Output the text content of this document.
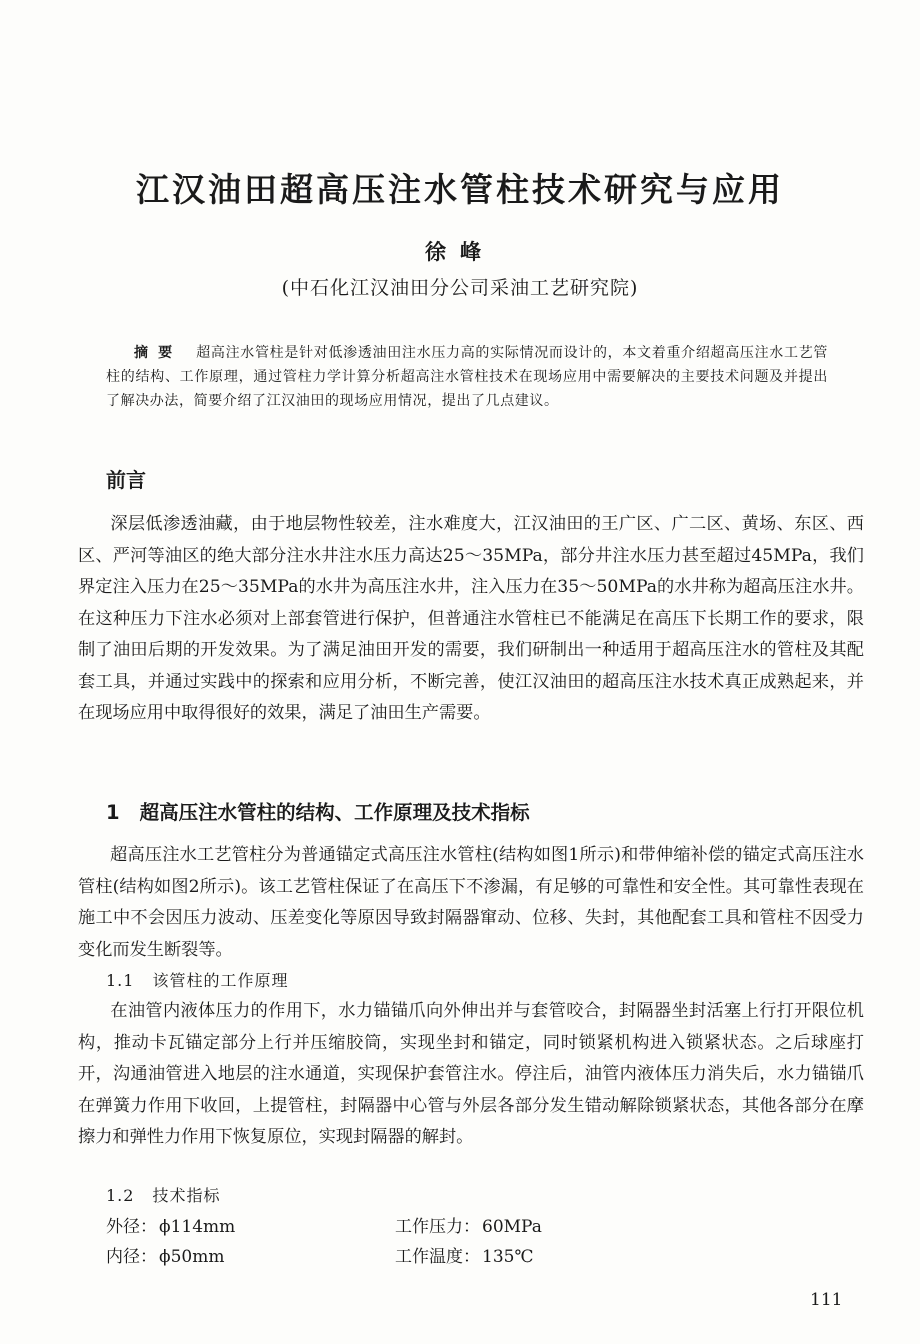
江汉油田超高压注水管柱技术研究与应用
徐峰
(中石化江汉油田分公司采油工艺研究院)
摘要 超高注水管柱是针对低渗透油田注水压力高的实际情况而设计的，本文着重介绍超高压注水工艺管柱的结构、工作原理，通过管柱力学计算分析超高注水管柱技术在现场应用中需要解决的主要技术问题及并提出了解决办法，简要介绍了江汉油田的现场应用情况，提出了几点建议。
前言
深层低渗透油藏，由于地层物性较差，注水难度大，江汉油田的王广区、广二区、黄场、东区、西区、严河等油区的绝大部分注水井注水压力高达25～35MPa，部分井注水压力甚至超过45MPa，我们界定注入压力在25～35MPa的水井为高压注水井，注入压力在35～50MPa的水井称为超高压注水井。在这种压力下注水必须对上部套管进行保护，但普通注水管柱已不能满足在高压下长期工作的要求，限制了油田后期的开发效果。为了满足油田开发的需要，我们研制出一种适用于超高压注水的管柱及其配套工具，并通过实践中的探索和应用分析，不断完善，使江汉油田的超高压注水技术真正成熟起来，并在现场应用中取得很好的效果，满足了油田生产需要。
1 超高压注水管柱的结构、工作原理及技术指标
超高压注水工艺管柱分为普通锚定式高压注水管柱(结构如图1所示)和带伸缩补偿的锚定式高压注水管柱(结构如图2所示)。该工艺管柱保证了在高压下不渗漏，有足够的可靠性和安全性。其可靠性表现在施工中不会因压力波动、压差变化等原因导致封隔器窜动、位移、失封，其他配套工具和管柱不因受力变化而发生断裂等。
1.1 该管柱的工作原理
在油管内液体压力的作用下，水力锚锚爪向外伸出并与套管咬合，封隔器坐封活塞上行打开限位机构，推动卡瓦锚定部分上行并压缩胶筒，实现坐封和锚定，同时锁紧机构进入锁紧状态。之后球座打开，沟通油管进入地层的注水通道，实现保护套管注水。停注后，油管内液体压力消失后，水力锚锚爪在弹簧力作用下收回，上提管柱，封隔器中心管与外层各部分发生错动解除锁紧状态，其他各部分在摩擦力和弹性力作用下恢复原位，实现封隔器的解封。
1.2 技术指标
外径： ϕ114mm	工作压力： 60MPa
内径： ϕ50mm	工作温度： 135℃
111
